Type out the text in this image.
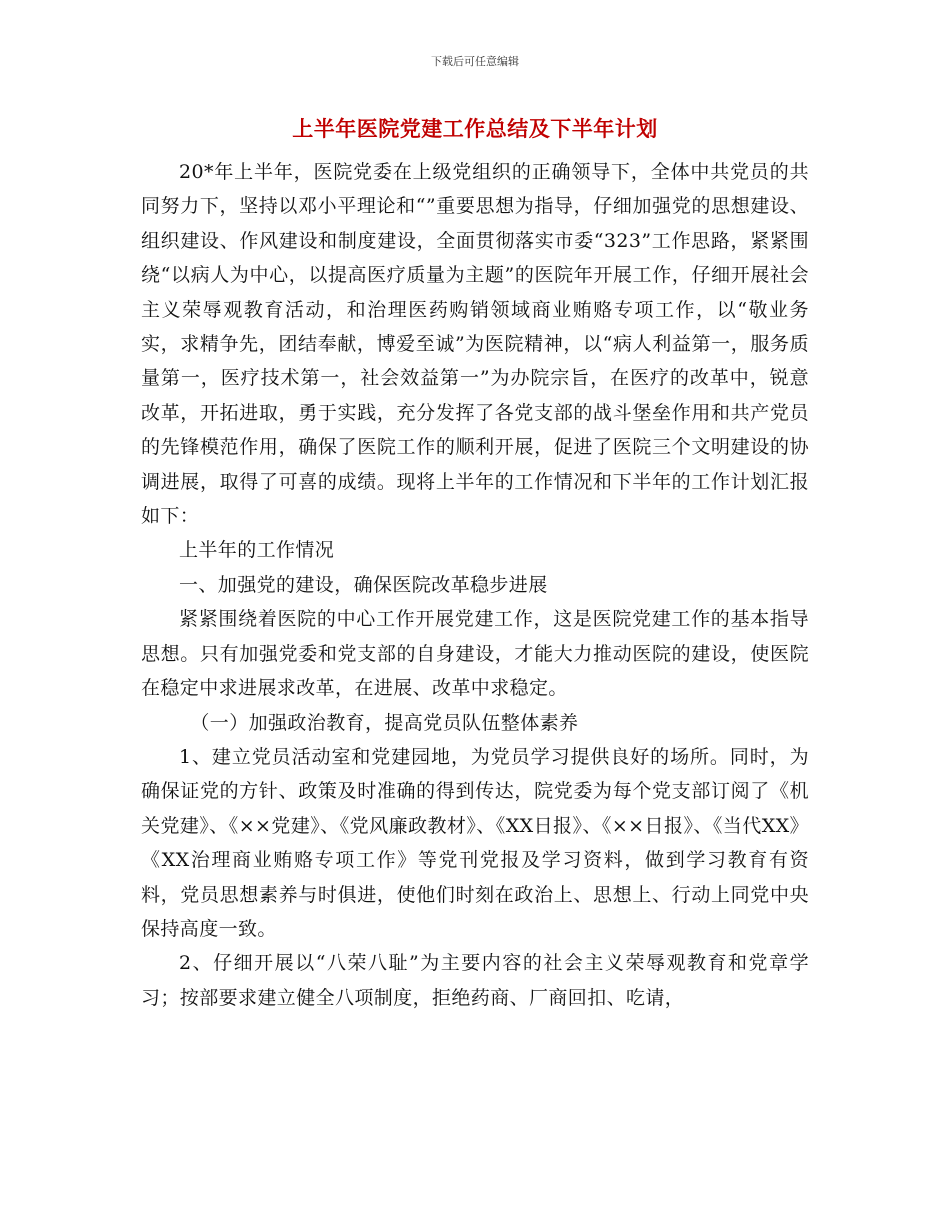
下载后可任意编辑
上半年医院党建工作总结及下半年计划

20*年上半年，医院党委在上级党组织的正确领导下，全体中共党员的共同努力下，坚持以邓小平理论和“”重要思想为指导，仔细加强党的思想建设、组织建设、作风建设和制度建设，全面贯彻落实市委“323”工作思路，紧紧围绕“以病人为中心，以提高医疗质量为主题”的医院年开展工作，仔细开展社会主义荣辱观教育活动，和治理医药购销领域商业贿赂专项工作，以“敬业务实，求精争先，团结奉献，博爱至诚”为医院精神，以“病人利益第一，服务质量第一，医疗技术第一，社会效益第一”为办院宗旨，在医疗的改革中，锐意改革，开拓进取，勇于实践，充分发挥了各党支部的战斗堡垒作用和共产党员的先锋模范作用，确保了医院工作的顺利开展，促进了医院三个文明建设的协调进展，取得了可喜的成绩。现将上半年的工作情况和下半年的工作计划汇报如下：

上半年的工作情况

一、加强党的建设，确保医院改革稳步进展

紧紧围绕着医院的中心工作开展党建工作，这是医院党建工作的基本指导思想。只有加强党委和党支部的自身建设，才能大力推动医院的建设，使医院在稳定中求进展求改革，在进展、改革中求稳定。

（一）加强政治教育，提高党员队伍整体素养

1、建立党员活动室和党建园地，为党员学习提供良好的场所。同时，为确保证党的方针、政策及时准确的得到传达，院党委为每个党支部订阅了《机关党建》、《××党建》、《党风廉政教材》、《XX日报》、《××日报》、《当代XX》《XX治理商业贿赂专项工作》等党刊党报及学习资料，做到学习教育有资料，党员思想素养与时俱进，使他们时刻在政治上、思想上、行动上同党中央保持高度一致。

2、仔细开展以“八荣八耻”为主要内容的社会主义荣辱观教育和党章学习；按部要求建立健全八项制度，拒绝药商、厂商回扣、吃请，
